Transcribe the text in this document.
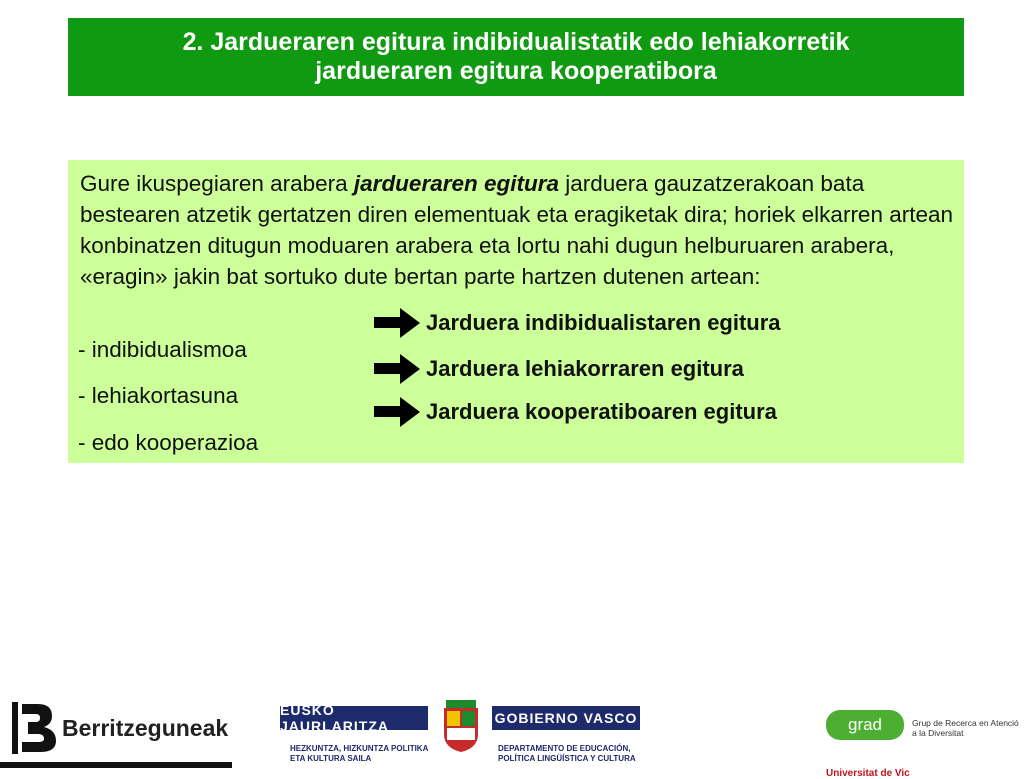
2. Jardueraren egitura indibidualistatik edo lehiakorretik
jardueraren egitura kooperatibora
Gure ikuspegiaren arabera jardueraren egitura jarduera gauzatzerakoan bata bestearen atzetik gertatzen diren elementuak eta eragiketak dira; horiek elkarren artean konbinatzen ditugun moduaren arabera eta lortu nahi dugun helburuaren arabera, «eragin» jakin bat sortuko dute bertan parte hartzen dutenen artean:
- indibidualismoa
- lehiakortasuna
- edo kooperazioa
Jarduera indibidualistaren egitura
Jarduera lehiakorraren egitura
Jarduera kooperatiboaren egitura
Berritzeguneak
EUSKO JAURLARITZA	GOBIERNO VASCO
HEZKUNTZA, HIZKUNTZA POLITIKA
ETA KULTURA SAILA
DEPARTAMENTO DE EDUCACIÓN,
POLÍTICA LINGÜÍSTICA Y CULTURA
grad	Grup de Recerca en Atenció a la Diversitat
Universitat de Vic
